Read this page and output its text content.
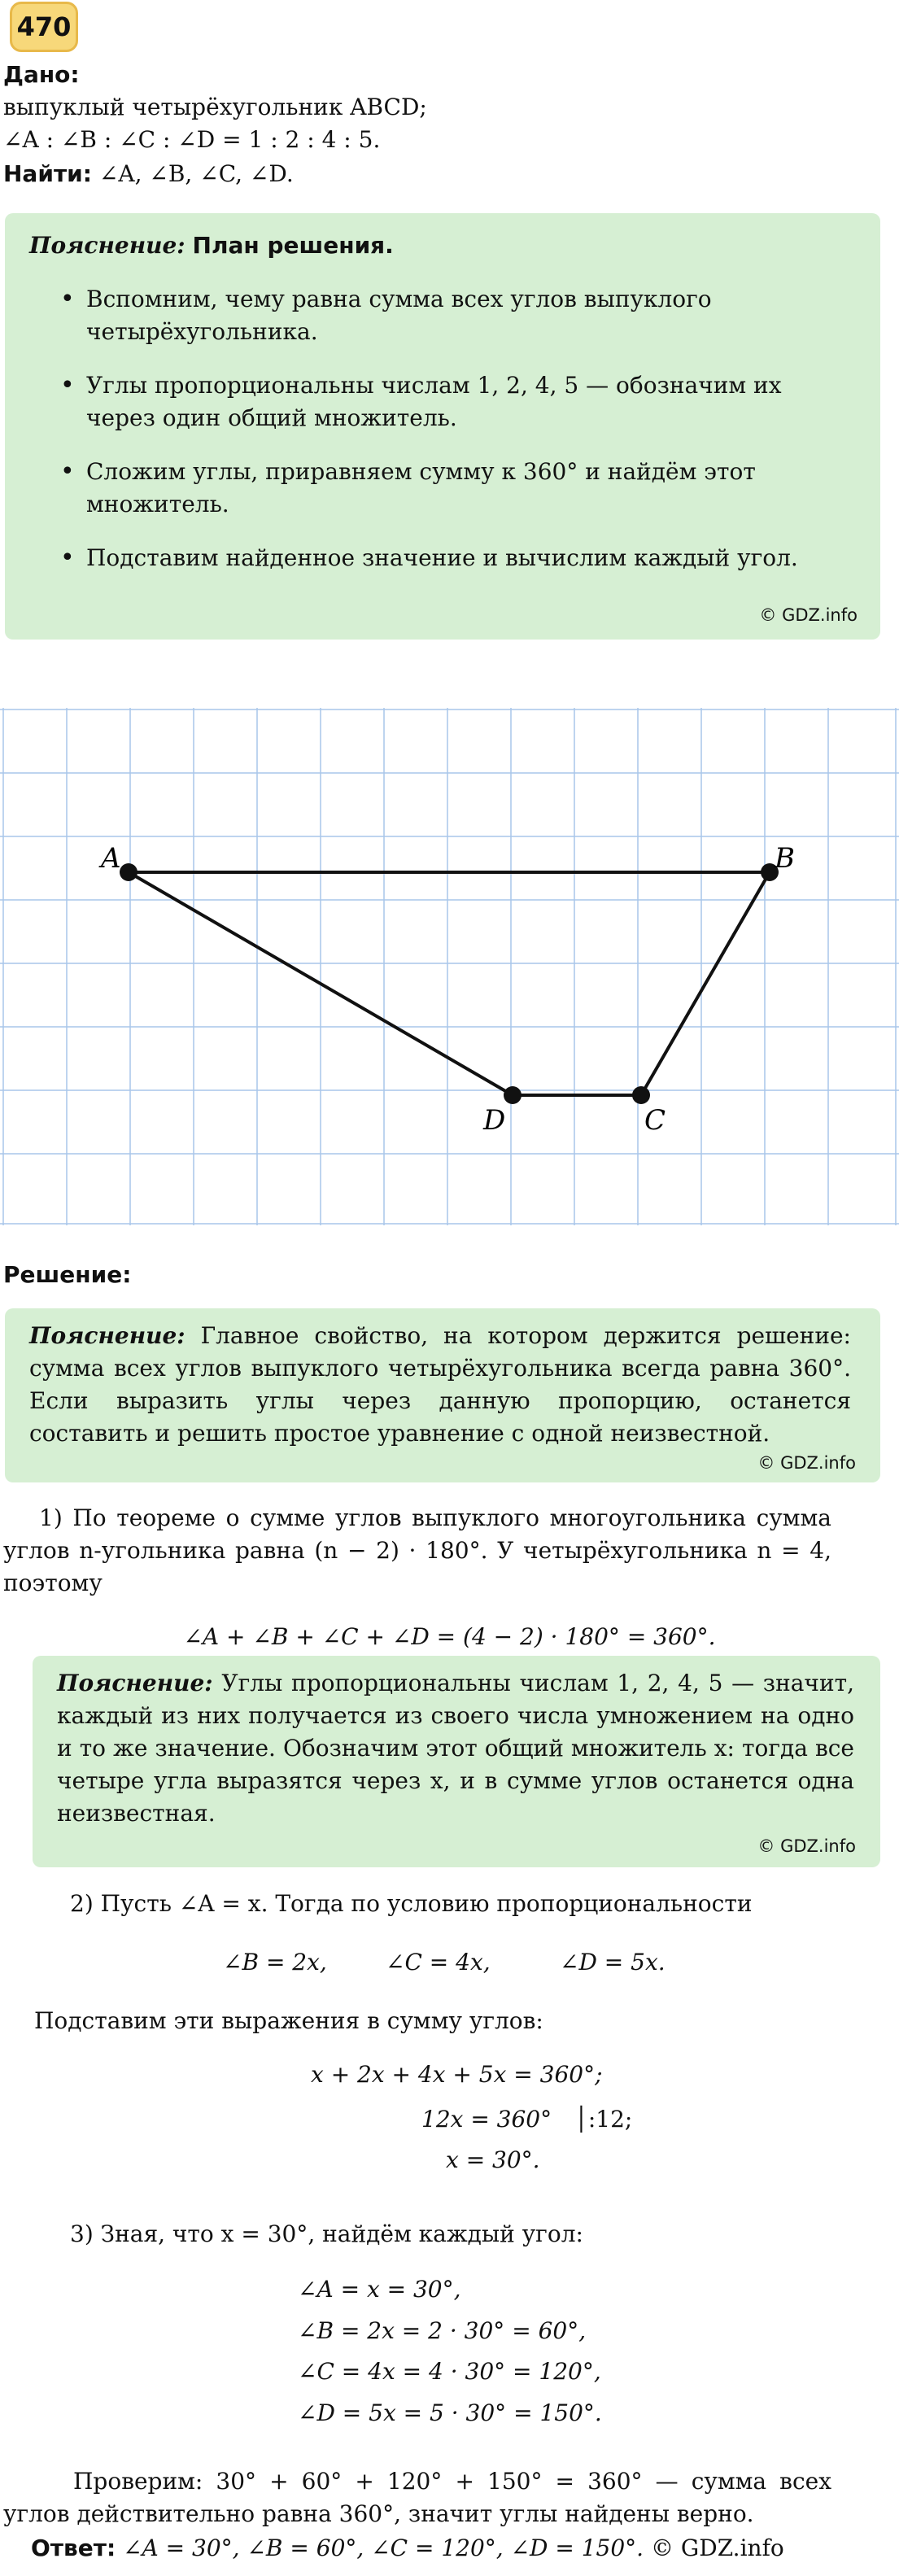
470
Дано:
выпуклый четырёхугольник ABCD;
∠A : ∠B : ∠C : ∠D = 1 : 2 : 4 : 5.
Найти: ∠A, ∠B, ∠C, ∠D.
Пояснение: План решения.
• Вспомним, чему равна сумма всех углов выпуклого четырёхугольника.
• Углы пропорциональны числам 1, 2, 4, 5 — обозначим их через один общий множитель.
• Сложим углы, приравняем сумму к 360° и найдём этот множитель.
• Подставим найденное значение и вычислим каждый угол.
© GDZ.info
A	B
C
D
Решение:
Пояснение: Главное свойство, на котором держится решение: сумма всех углов выпуклого четырёхугольника всегда равна 360°. Если выразить углы через данную пропорцию, останется составить и решить простое уравнение с одной неизвестной.
© GDZ.info
1) По теореме о сумме углов выпуклого многоугольника сумма углов n-угольника равна (n − 2) · 180°. У четырёхугольника n = 4, поэтому
∠A + ∠B + ∠C + ∠D = (4 − 2) · 180° = 360°.
Пояснение: Углы пропорциональны числам 1, 2, 4, 5 — значит, каждый из них получается из своего числа умножением на одно и то же значение. Обозначим этот общий множитель x: тогда все четыре угла выразятся через x, и в сумме углов останется одна неизвестная.
© GDZ.info
2) Пусть ∠A = x. Тогда по условию пропорциональности
∠B = 2x,	∠C = 4x,	∠D = 5x.
Подставим эти выражения в сумму углов:
x + 2x + 4x + 5x = 360°;
12x = 360° │:12;
x = 30°.
3) Зная, что x = 30°, найдём каждый угол:
∠A = x = 30°,
∠B = 2x = 2 · 30° = 60°,
∠C = 4x = 4 · 30° = 120°,
∠D = 5x = 5 · 30° = 150°.
Проверим: 30° + 60° + 120° + 150° = 360° — сумма всех углов действительно равна 360°, значит углы найдены верно.
Ответ: ∠A = 30°, ∠B = 60°, ∠C = 120°, ∠D = 150°. © GDZ.info
